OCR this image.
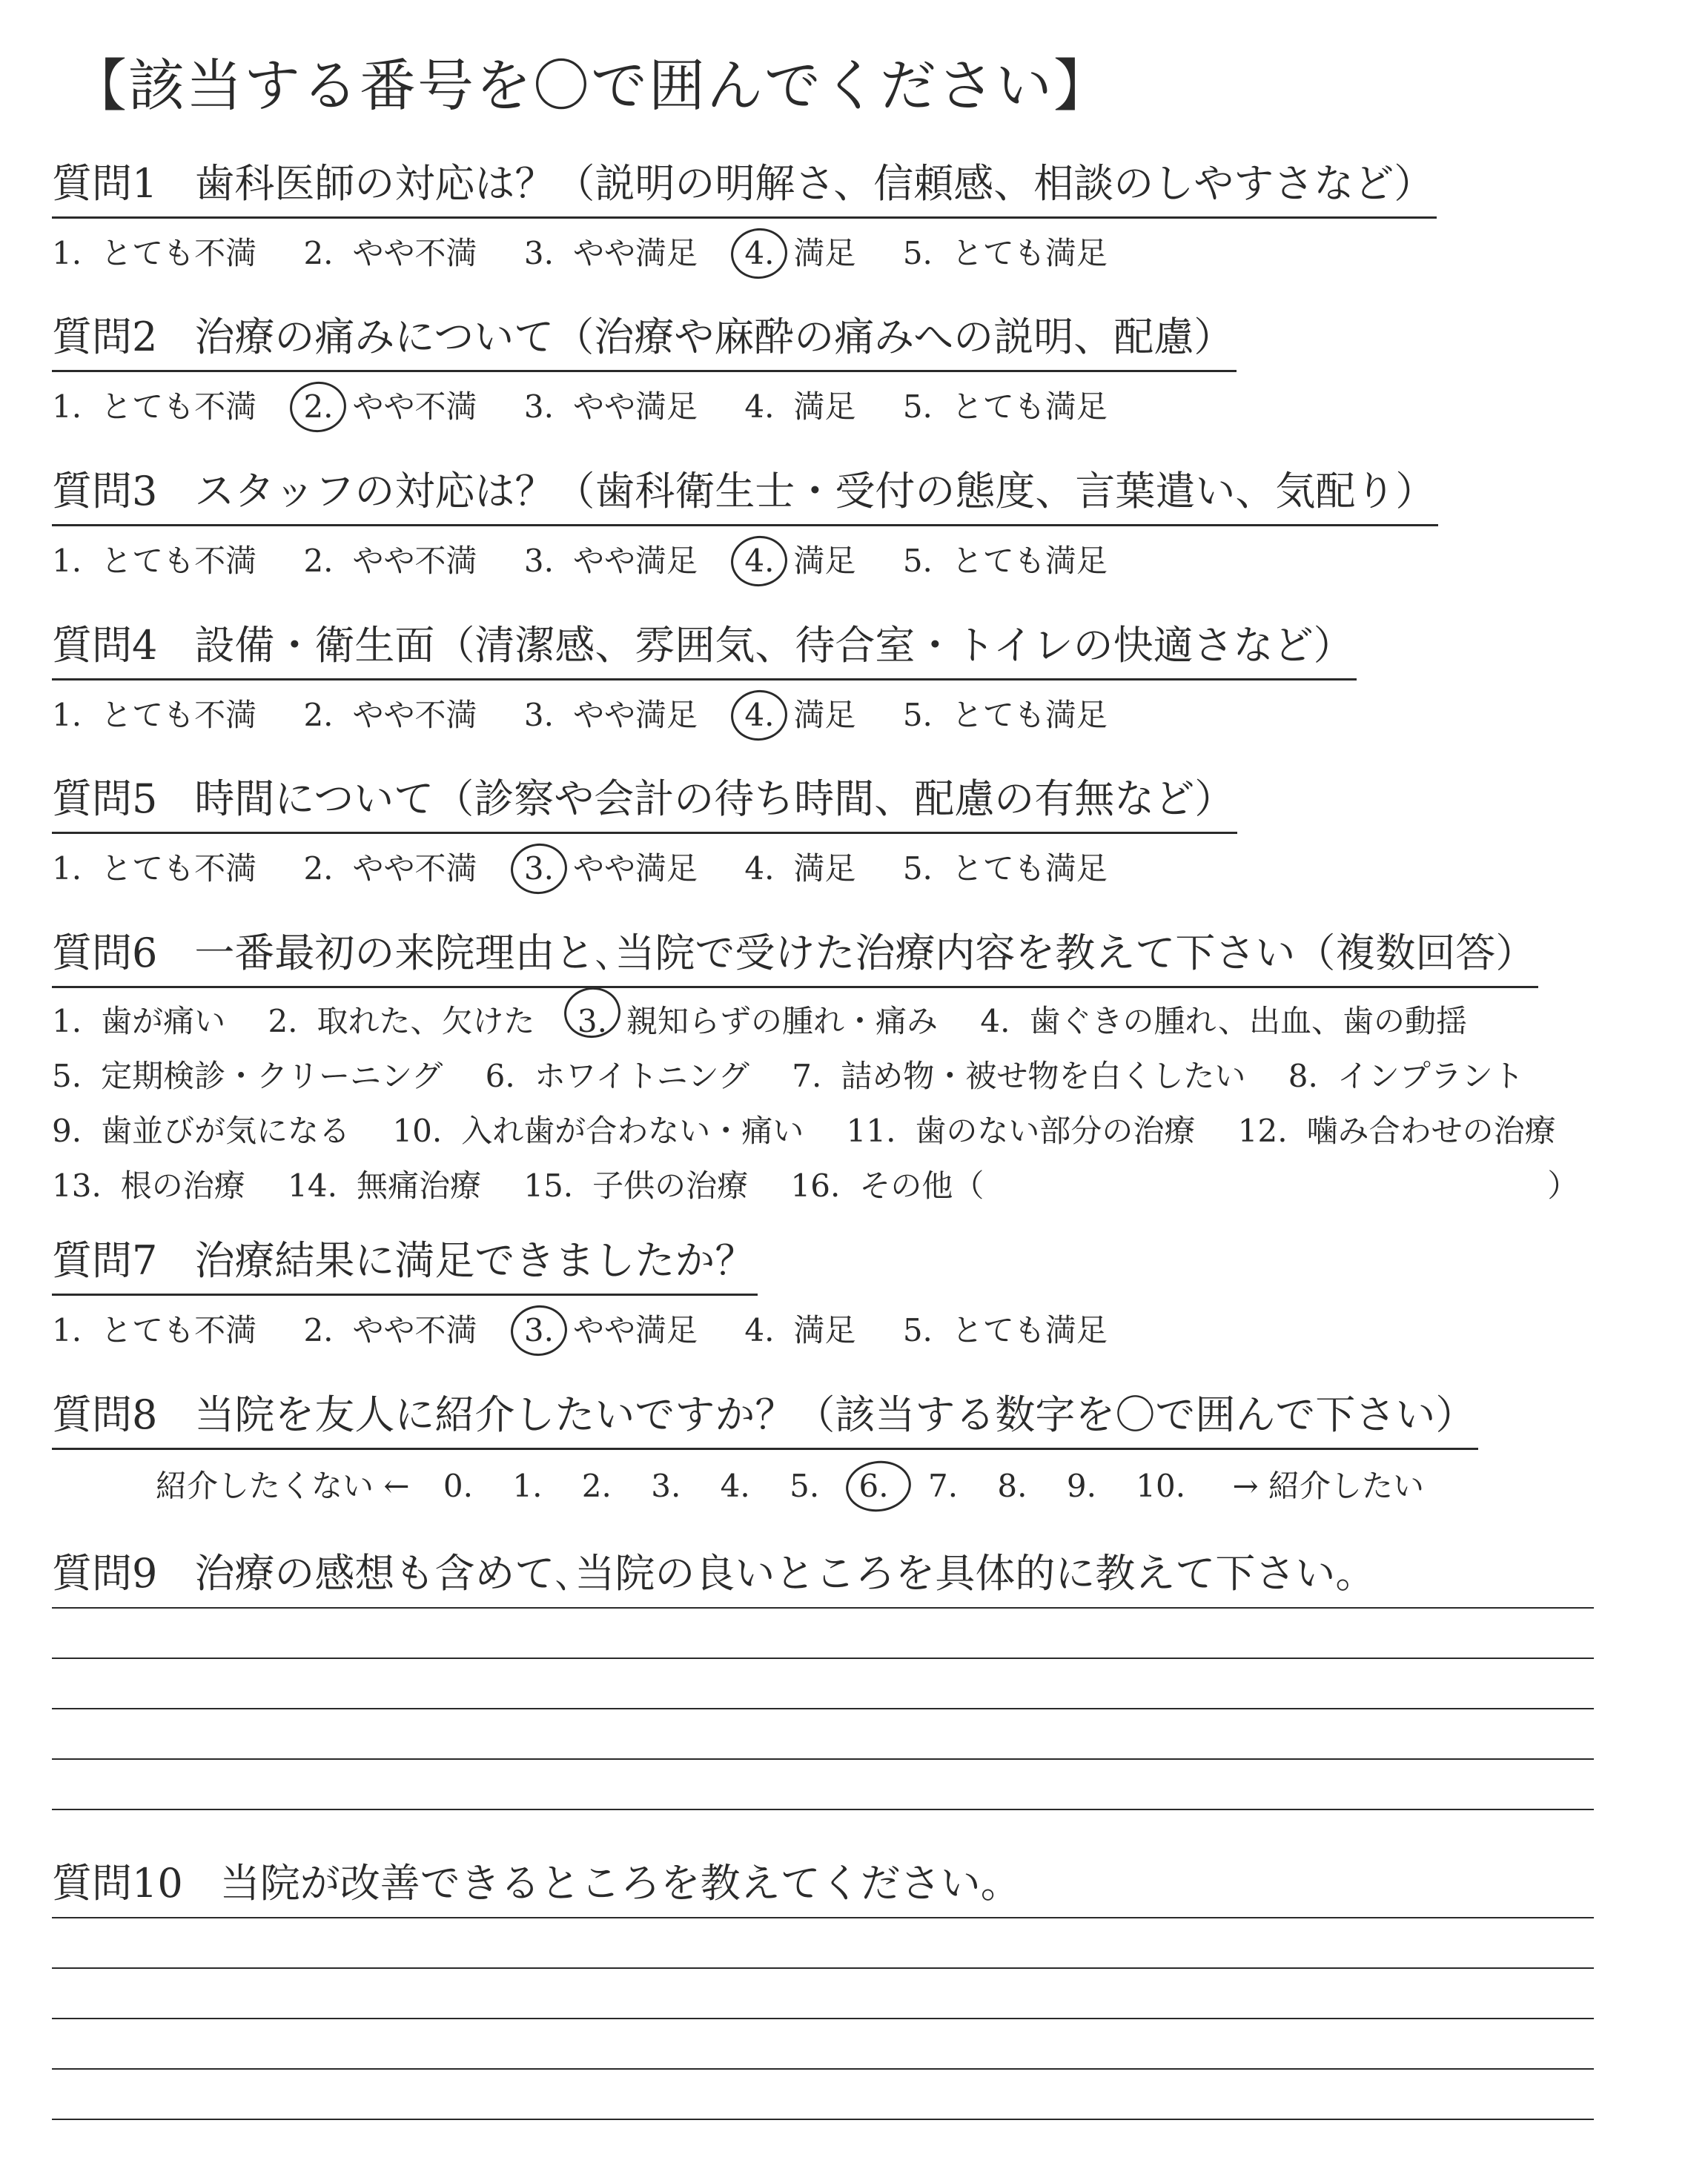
【該当する番号を〇で囲んでください】
質問1 歯科医師の対応は？（説明の明解さ、信頼感、相談のしやすさなど）
1. とても不満 2. やや不満 3. やや満足 4. 満足 5. とても満足
質問2 治療の痛みについて（治療や麻酔の痛みへの説明、配慮）
1. とても不満 2. やや不満 3. やや満足 4. 満足 5. とても満足
質問3 スタッフの対応は？（歯科衛生士・受付の態度、言葉遣い、気配り）
1. とても不満 2. やや不満 3. やや満足 4. 満足 5. とても満足
質問4 設備・衛生面（清潔感、雰囲気、待合室・トイレの快適さなど）
1. とても不満 2. やや不満 3. やや満足 4. 満足 5. とても満足
質問5 時間について（診察や会計の待ち時間、配慮の有無など）
1. とても不満 2. やや不満 3. やや満足 4. 満足 5. とても満足
質問6 一番最初の来院理由と､当院で受けた治療内容を教えて下さい（複数回答）
1. 歯が痛い 2. 取れた、欠けた 3. 親知らずの腫れ・痛み 4. 歯ぐきの腫れ、出血、歯の動揺
5. 定期検診・クリーニング 6. ホワイトニング 7. 詰め物・被せ物を白くしたい 8. インプラント
9. 歯並びが気になる 10. 入れ歯が合わない・痛い 11. 歯のない部分の治療 12. 噛み合わせの治療
13. 根の治療 14. 無痛治療 15. 子供の治療 16. その他（	）
質問7 治療結果に満足できましたか？
1. とても不満 2. やや不満 3. やや満足 4. 満足 5. とても満足
質問8 当院を友人に紹介したいですか？（該当する数字を〇で囲んで下さい）
紹介したくない ← 0. 1. 2. 3. 4. 5. 6. 7. 8. 9. 10. → 紹介したい
質問9 治療の感想も含めて､当院の良いところを具体的に教えて下さい。
質問10 当院が改善できるところを教えてください。
